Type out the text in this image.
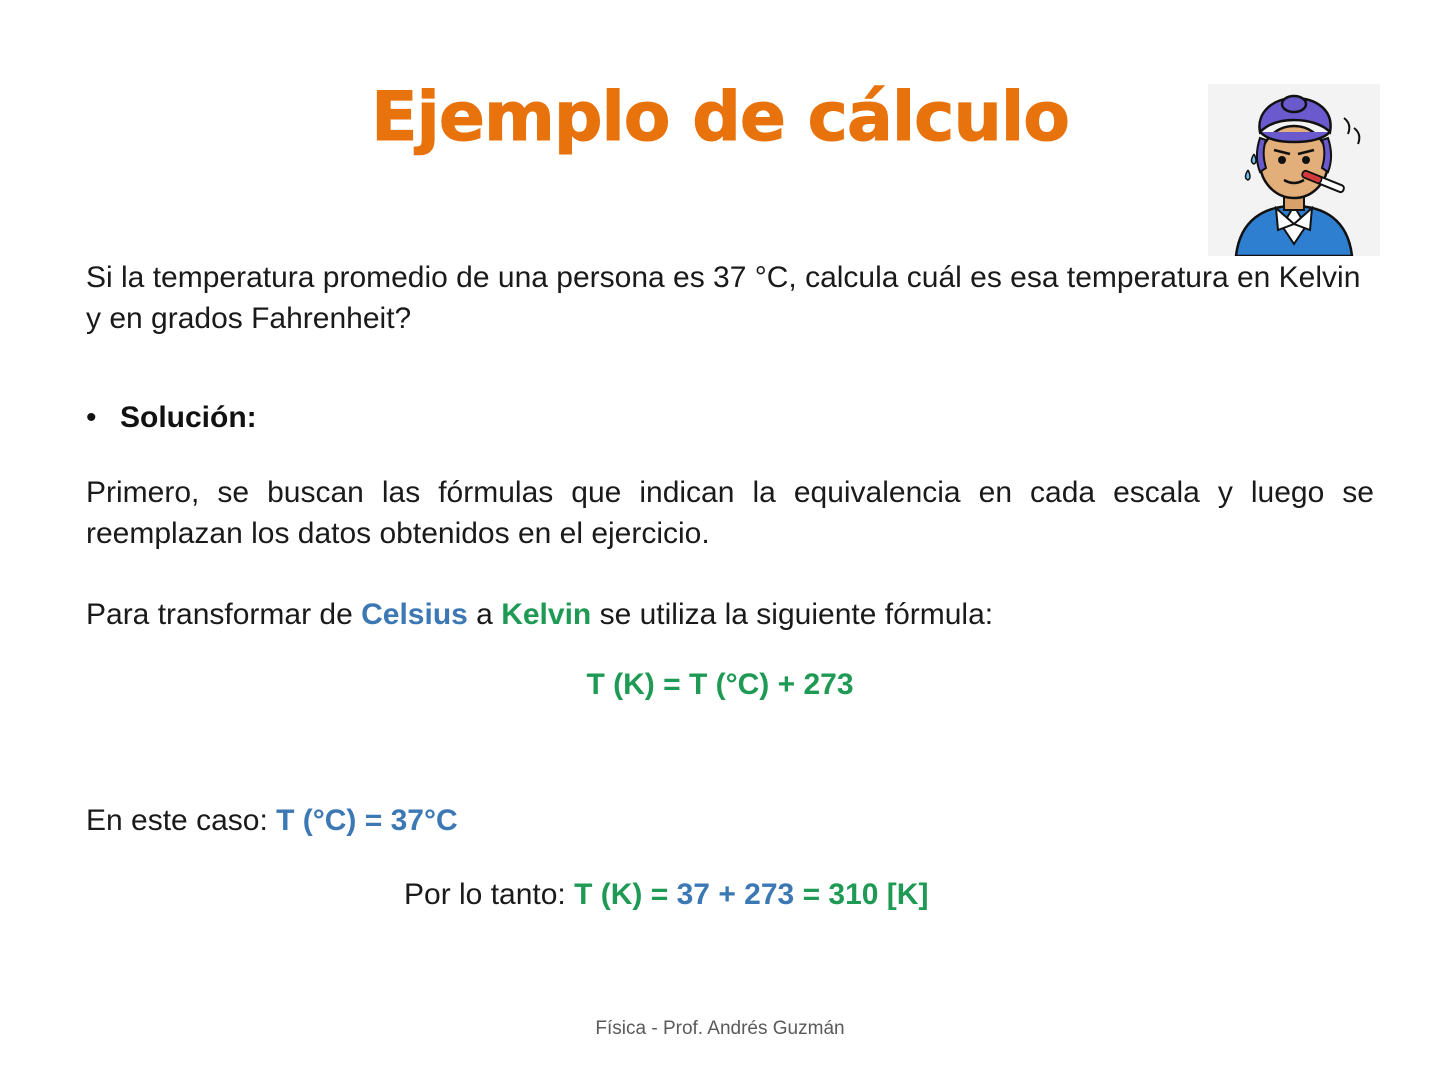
Ejemplo de cálculo
Si la temperatura promedio de una persona es 37 °C, calcula cuál es esa temperatura en Kelvin y en grados Fahrenheit?
• Solución:
Primero, se buscan las fórmulas que indican la equivalencia en cada escala y luego se reemplazan los datos obtenidos en el ejercicio.
Para transformar de Celsius a Kelvin se utiliza la siguiente fórmula:
T (K) = T (°C) + 273
En este caso: T (°C) = 37°C
Por lo tanto: T (K) = 37 + 273 = 310 [K]
Física - Prof. Andrés Guzmán
